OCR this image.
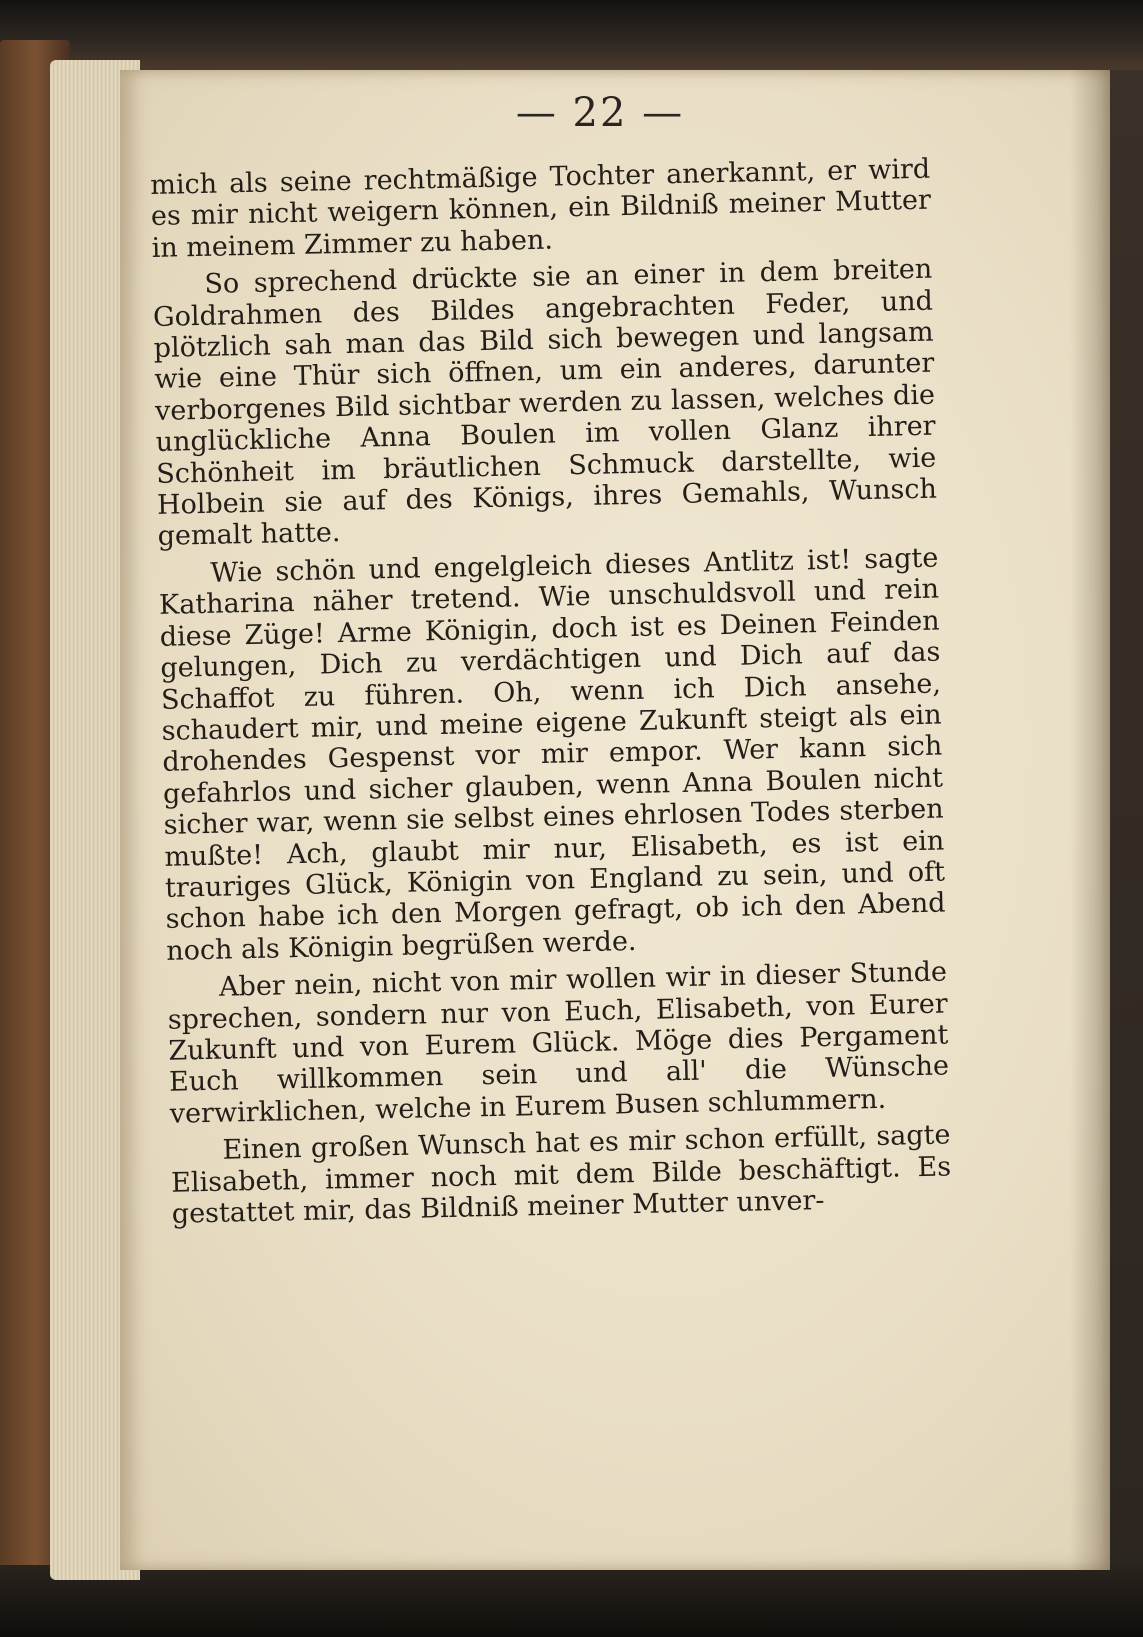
— 22 —

mich als seine rechtmäßige Tochter anerkannt, er wird es mir nicht weigern können, ein Bildniß meiner Mutter in meinem Zimmer zu haben.

So sprechend drückte sie an einer in dem breiten Goldrahmen des Bildes angebrachten Feder, und plötzlich sah man das Bild sich bewegen und langsam wie eine Thür sich öffnen, um ein anderes, darunter verborgenes Bild sichtbar werden zu lassen, welches die unglückliche Anna Boulen im vollen Glanz ihrer Schönheit im bräutlichen Schmuck darstellte, wie Holbein sie auf des Königs, ihres Gemahls, Wunsch gemalt hatte.

Wie schön und engelgleich dieses Antlitz ist! sagte Katharina näher tretend. Wie unschuldsvoll und rein diese Züge! Arme Königin, doch ist es Deinen Feinden gelungen, Dich zu verdächtigen und Dich auf das Schaffot zu führen. Oh, wenn ich Dich ansehe, schaudert mir, und meine eigene Zukunft steigt als ein drohendes Gespenst vor mir empor. Wer kann sich gefahrlos und sicher glauben, wenn Anna Boulen nicht sicher war, wenn sie selbst eines ehrlosen Todes sterben mußte! Ach, glaubt mir nur, Elisabeth, es ist ein trauriges Glück, Königin von England zu sein, und oft schon habe ich den Morgen gefragt, ob ich den Abend noch als Königin begrüßen werde.

Aber nein, nicht von mir wollen wir in dieser Stunde sprechen, sondern nur von Euch, Elisabeth, von Eurer Zukunft und von Eurem Glück. Möge dies Pergament Euch willkommen sein und all' die Wünsche verwirklichen, welche in Eurem Busen schlummern.

Einen großen Wunsch hat es mir schon erfüllt, sagte Elisabeth, immer noch mit dem Bilde beschäftigt. Es gestattet mir, das Bildniß meiner Mutter unver-
